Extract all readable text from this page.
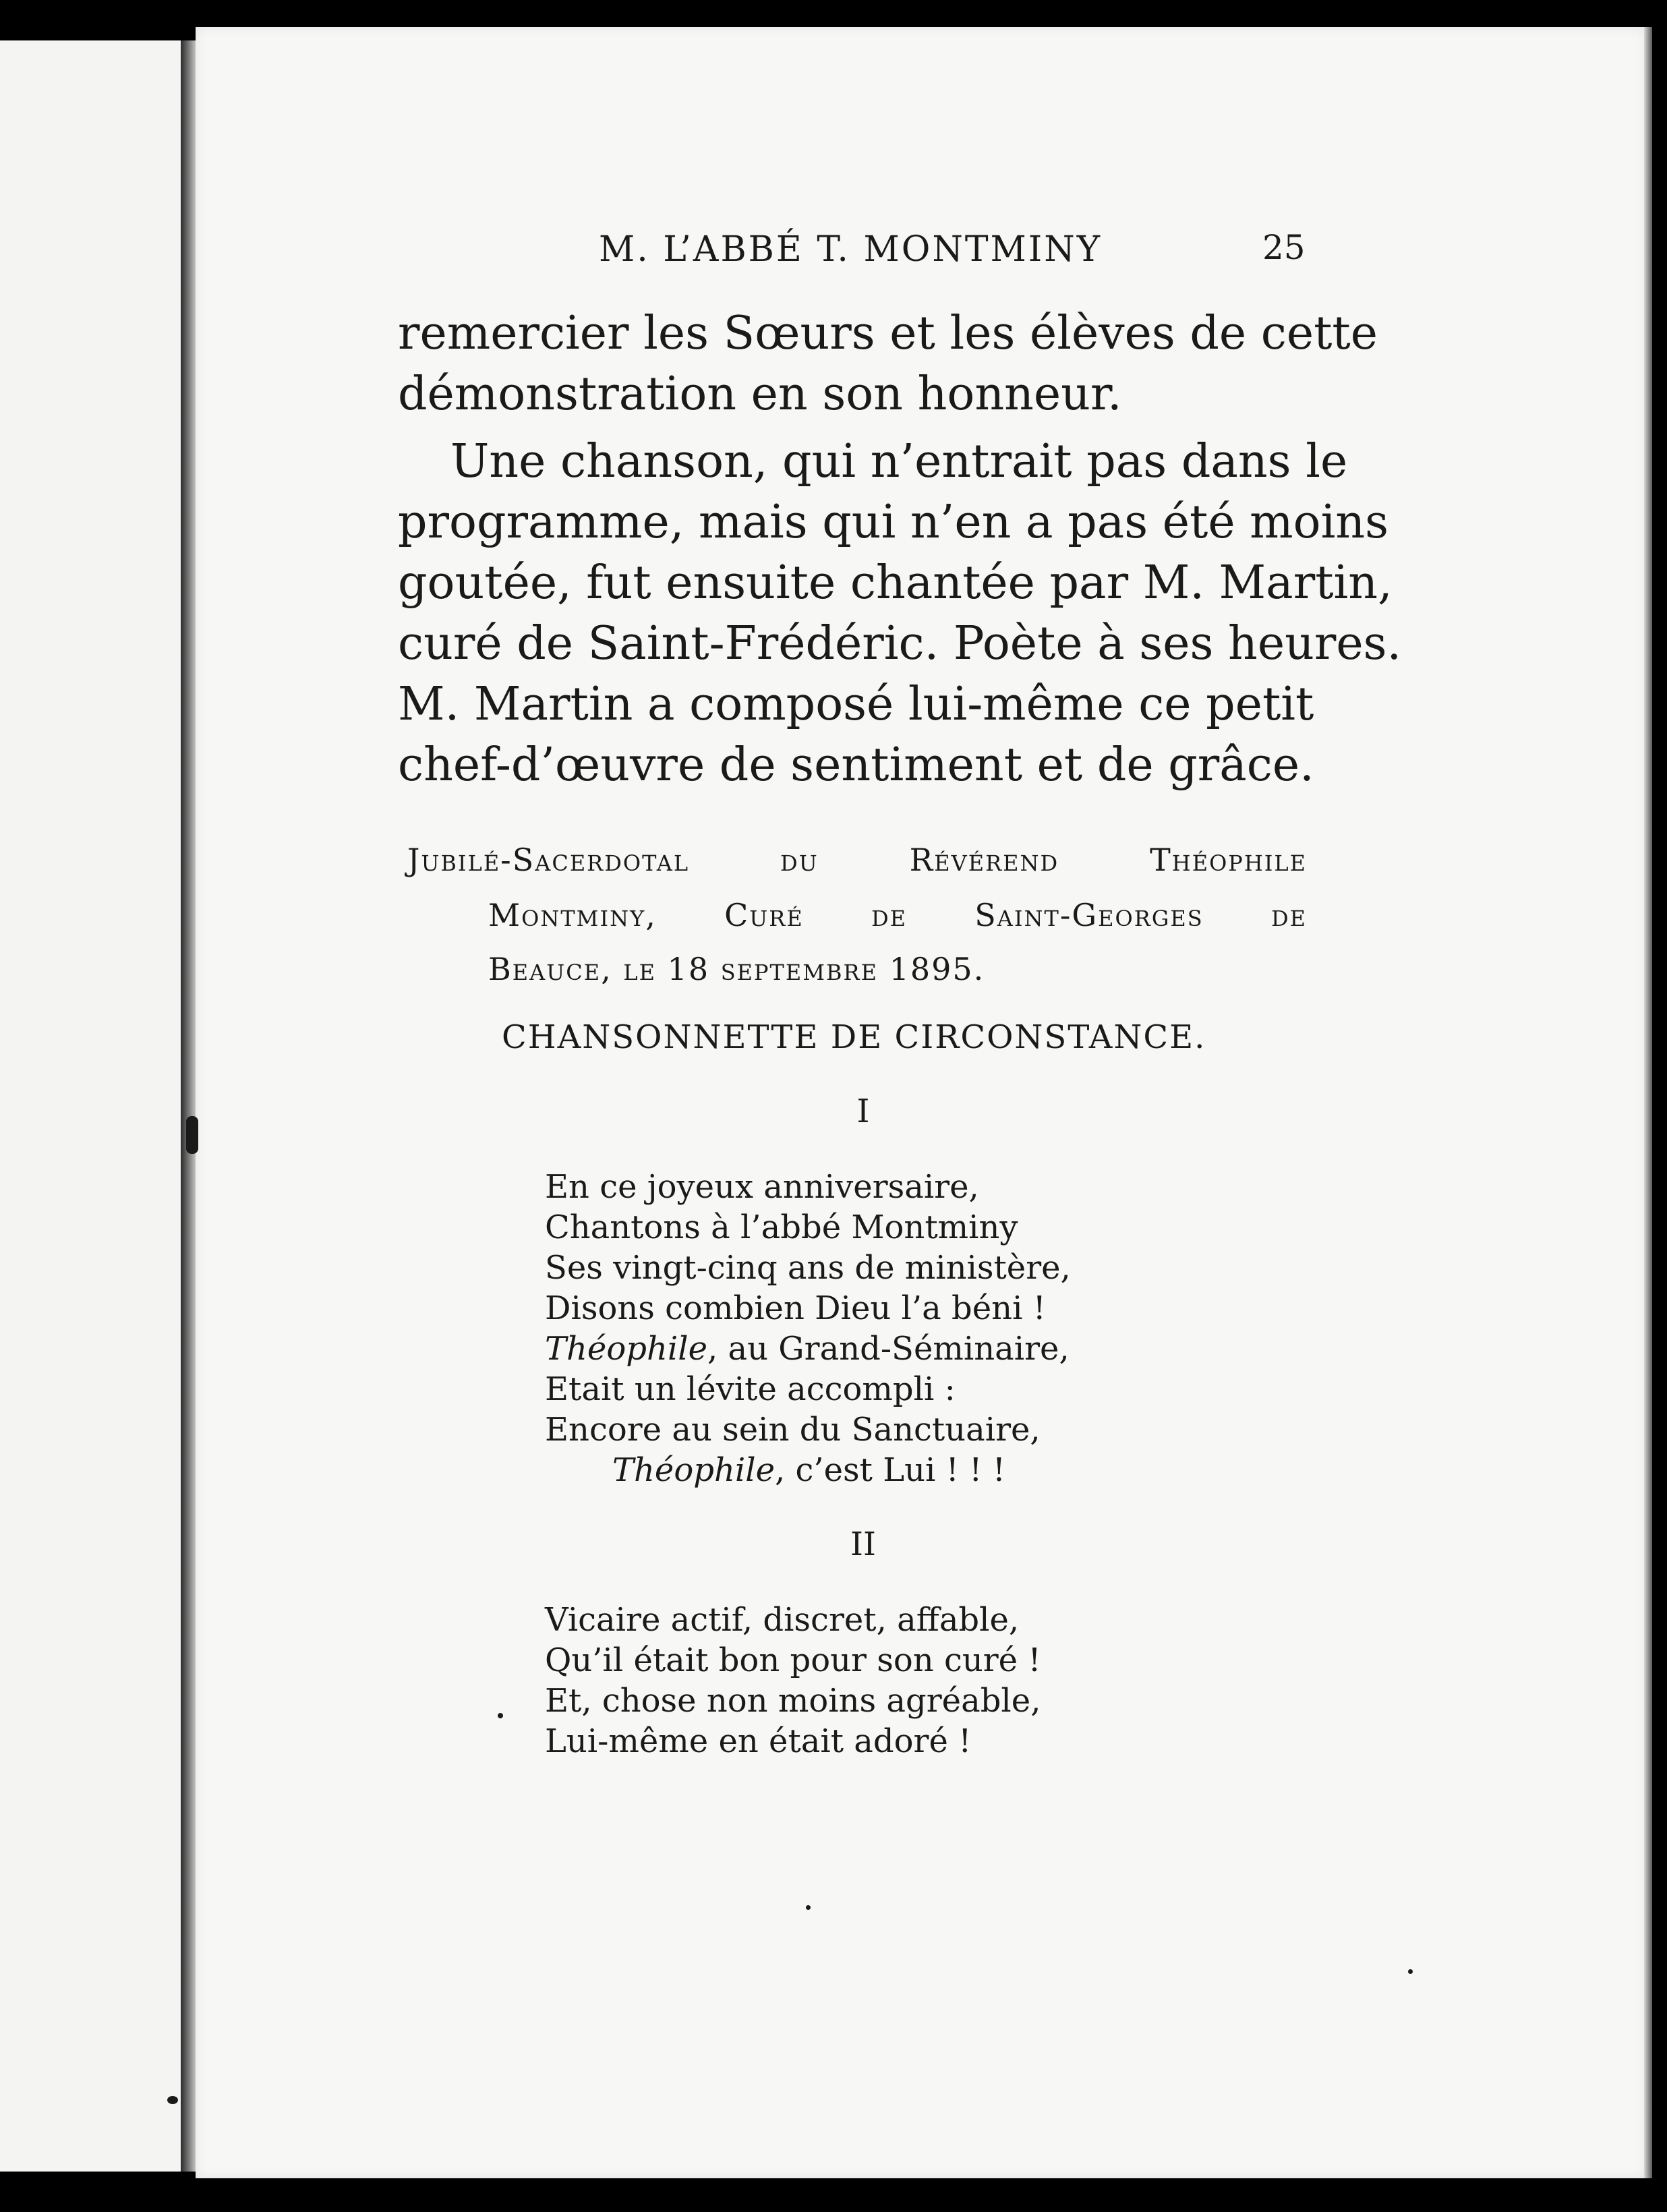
M. L’ABBÉ T. MONTMINY	25
remercier les Sœurs et les élèves de cette
démonstration en son honneur.
Une chanson, qui n’entrait pas dans le
programme, mais qui n’en a pas été moins
goutée, fut ensuite chantée par M. Martin,
curé de Saint-Frédéric. Poète à ses heures.
M. Martin a composé lui-même ce petit
chef-d’œuvre de sentiment et de grâce.
Jubilé-Sacerdotal du Révérend Théophile
Montminy, Curé de Saint-Georges de
Beauce, le 18 septembre 1895.
CHANSONNETTE DE CIRCONSTANCE.
I
En ce joyeux anniversaire,
Chantons à l’abbé Montminy
Ses vingt-cinq ans de ministère,
Disons combien Dieu l’a béni !
Théophile, au Grand-Séminaire,
Etait un lévite accompli :
Encore au sein du Sanctuaire,
Théophile, c’est Lui ! ! !
II
Vicaire actif, discret, affable,
Qu’il était bon pour son curé !
Et, chose non moins agréable,
Lui-même en était adoré !
